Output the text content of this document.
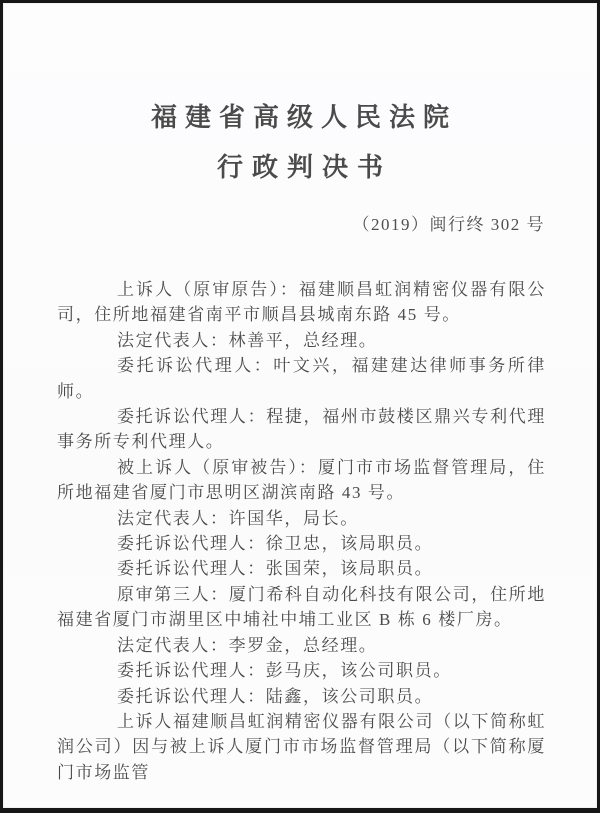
福建省高级人民法院
行政判决书
（2019）闽行终 302 号

上诉人（原审原告）：福建顺昌虹润精密仪器有限公司，住所地福建省南平市顺昌县城南东路 45 号。

法定代表人：林善平，总经理。

委托诉讼代理人：叶文兴，福建建达律师事务所律师。

委托诉讼代理人：程捷，福州市鼓楼区鼎兴专利代理事务所专利代理人。

被上诉人（原审被告）：厦门市市场监督管理局，住所地福建省厦门市思明区湖滨南路 43 号。

法定代表人：许国华，局长。

委托诉讼代理人：徐卫忠，该局职员。

委托诉讼代理人：张国荣，该局职员。

原审第三人：厦门希科自动化科技有限公司，住所地福建省厦门市湖里区中埔社中埔工业区 B 栋 6 楼厂房。

法定代表人：李罗金，总经理。

委托诉讼代理人：彭马庆，该公司职员。

委托诉讼代理人：陆鑫，该公司职员。

上诉人福建顺昌虹润精密仪器有限公司（以下简称虹润公司）因与被上诉人厦门市市场监督管理局（以下简称厦门市场监管
